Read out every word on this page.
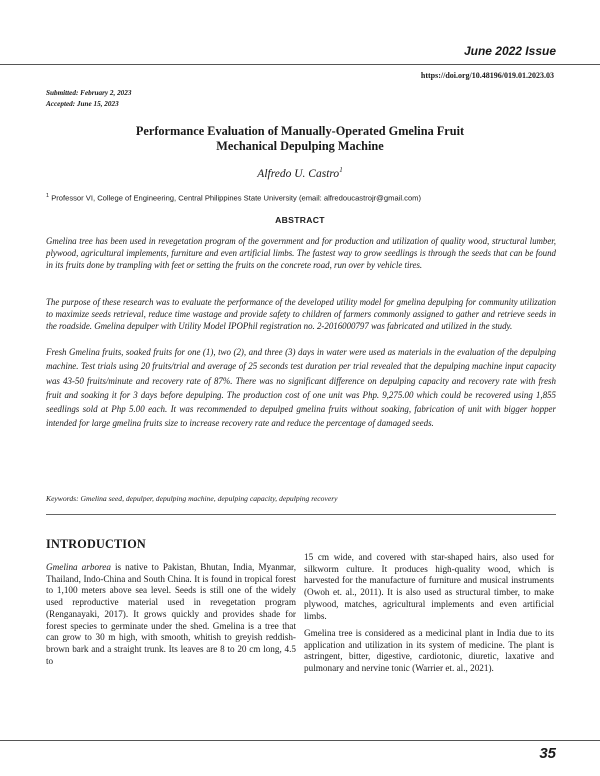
June 2022 Issue
https://doi.org/10.48196/019.01.2023.03
Submitted: February 2, 2023
Accepted: June 15, 2023
Performance Evaluation of Manually-Operated Gmelina Fruit
Mechanical Depulping Machine
Alfredo U. Castro$^1$
$^1$ Professor VI, College of Engineering, Central Philippines State University (email: alfredoucastrojr@gmail.com)
ABSTRACT

Gmelina tree has been used in revegetation program of the government and for production and utilization of quality wood, structural lumber, plywood, agricultural implements, furniture and even artificial limbs. The fastest way to grow seedlings is through the seeds that can be found in its fruits done by trampling with feet or setting the fruits on the concrete road, run over by vehicle tires.

The purpose of these research was to evaluate the performance of the developed utility model for gmelina depulping for community utilization to maximize seeds retrieval, reduce time wastage and provide safety to children of farmers commonly assigned to gather and retrieve seeds in the roadside. Gmelina depulper with Utility Model IPOPhil registration no. 2-2016000797 was fabricated and utilized in the study.

Fresh Gmelina fruits, soaked fruits for one (1), two (2), and three (3) days in water were used as materials in the evaluation of the depulping machine. Test trials using 20 fruits/trial and average of 25 seconds test duration per trial revealed that the depulping machine input capacity was 43-50 fruits/minute and recovery rate of 87%. There was no significant difference on depulping capacity and recovery rate with fresh fruit and soaking it for 3 days before depulping. The production cost of one unit was Php. 9,275.00 which could be recovered using 1,855 seedlings sold at Php 5.00 each. It was recommended to depulped gmelina fruits without soaking, fabrication of unit with bigger hopper intended for large gmelina fruits size to increase recovery rate and reduce the percentage of damaged seeds.

Keywords: Gmelina seed, depulper, depulping machine, depulping capacity, depulping recovery
INTRODUCTION

Gmelina arborea is native to Pakistan, Bhutan, India, Myanmar, Thailand, Indo-China and South China. It is found in tropical forest to 1,100 meters above sea level. Seeds is still one of the widely used reproductive material used in revegetation program (Renganayaki, 2017). It grows quickly and provides shade for forest species to germinate under the shed. Gmelina is a tree that can grow to 30 m high, with smooth, whitish to greyish reddish-brown bark and a straight trunk. Its leaves are 8 to 20 cm long, 4.5 to

15 cm wide, and covered with star-shaped hairs, also used for silkworm culture. It produces high-quality wood, which is harvested for the manufacture of furniture and musical instruments (Owoh et. al., 2011). It is also used as structural timber, to make plywood, matches, agricultural implements and even artificial limbs.

Gmelina tree is considered as a medicinal plant in India due to its application and utilization in its system of medicine. The plant is astringent, bitter, digestive, cardiotonic, diuretic, laxative and pulmonary and nervine tonic (Warrier et. al., 2021).

35
